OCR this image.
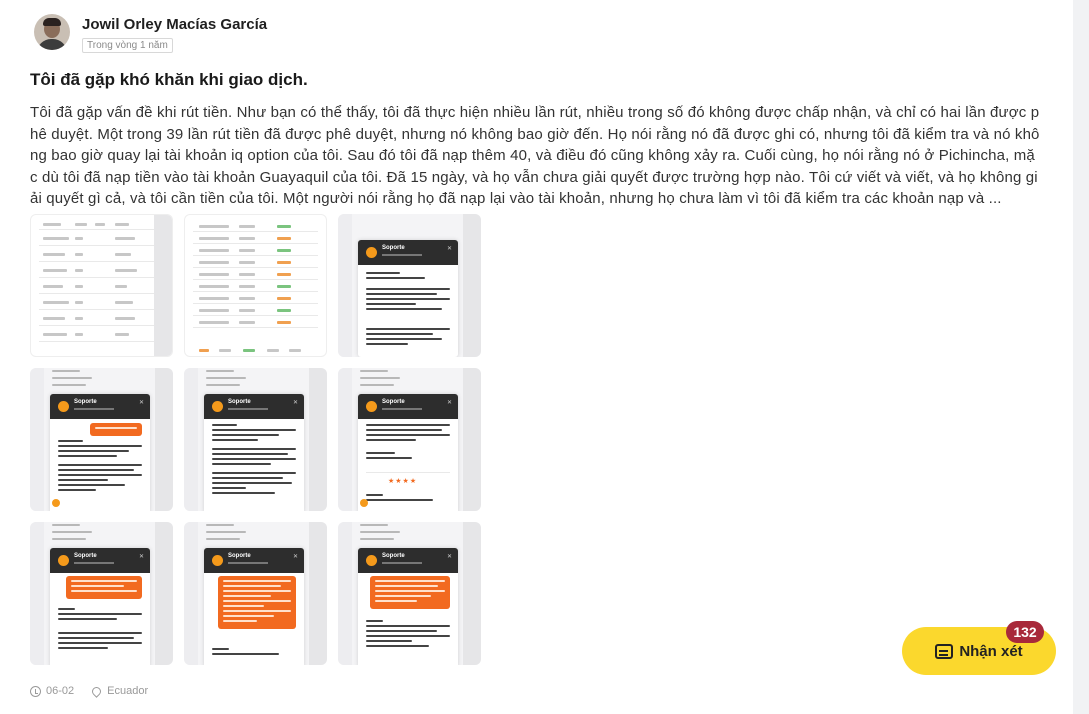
Jowil Orley Macías García
Trong vòng 1 năm
Tôi đã gặp khó khăn khi giao dịch.

Tôi đã gặp vấn đề khi rút tiền. Như bạn có thể thấy, tôi đã thực hiện nhiều lần rút, nhiều trong số đó không được chấp nhận, và chỉ có hai lần được phê duyệt. Một trong 39 lần rút tiền đã được phê duyệt, nhưng nó không bao giờ đến. Họ nói rằng nó đã được ghi có, nhưng tôi đã kiểm tra và nó không bao giờ quay lại tài khoản iq option của tôi. Sau đó tôi đã nạp thêm 40, và điều đó cũng không xảy ra. Cuối cùng, họ nói rằng nó ở Pichincha, mặc dù tôi đã nạp tiền vào tài khoản Guayaquil của tôi. Đã 15 ngày, và họ vẫn chưa giải quyết được trường hợp nào. Tôi cứ viết và viết, và họ không giải quyết gì cả, và tôi cần tiền của tôi. Một người nói rằng họ đã nạp lại vào tài khoản, nhưng họ chưa làm vì tôi đã kiểm tra các khoản nạp và ...

Soporte	✕
Soporte	✕	Soporte	✕	Soporte	✕
★★★★
Soporte	✕	Soporte	✕	Soporte	✕
06-02	Ecuador
Nhận xét
132
